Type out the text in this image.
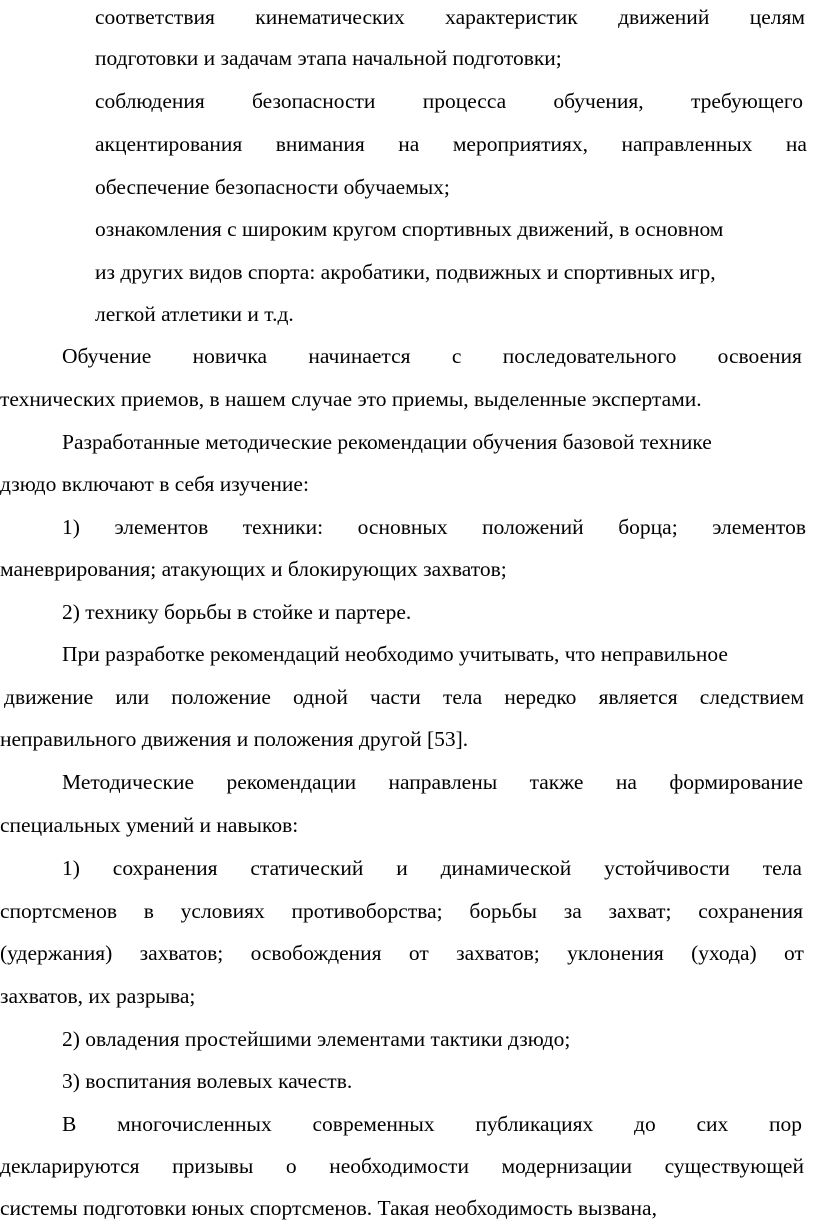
соответствия кинематических характеристик движений целям
подготовки и задачам этапа начальной подготовки;
соблюдения безопасности процесса обучения, требующего
акцентирования внимания на мероприятиях, направленных на
обеспечение безопасности обучаемых;
ознакомления с широким кругом спортивных движений, в основном
из других видов спорта: акробатики, подвижных и спортивных игр,
легкой атлетики и т.д.
Обучение новичка начинается с последовательного освоения
технических приемов, в нашем случае это приемы, выделенные экспертами.
Разработанные методические рекомендации обучения базовой технике
дзюдо включают в себя изучение:
1) элементов техники: основных положений борца; элементов
маневрирования; атакующих и блокирующих захватов;
2) технику борьбы в стойке и партере.
При разработке рекомендаций необходимо учитывать, что неправильное
движение или положение одной части тела нередко является следствием
неправильного движения и положения другой [53].
Методические рекомендации направлены также на формирование
специальных умений и навыков:
1) сохранения статический и динамической устойчивости тела
спортсменов в условиях противоборства; борьбы за захват; сохранения
(удержания) захватов; освобождения от захватов; уклонения (ухода) от
захватов, их разрыва;
2) овладения простейшими элементами тактики дзюдо;
3) воспитания волевых качеств.
В многочисленных современных публикациях до сих пор
декларируются призывы о необходимости модернизации существующей
системы подготовки юных спортсменов. Такая необходимость вызвана,
